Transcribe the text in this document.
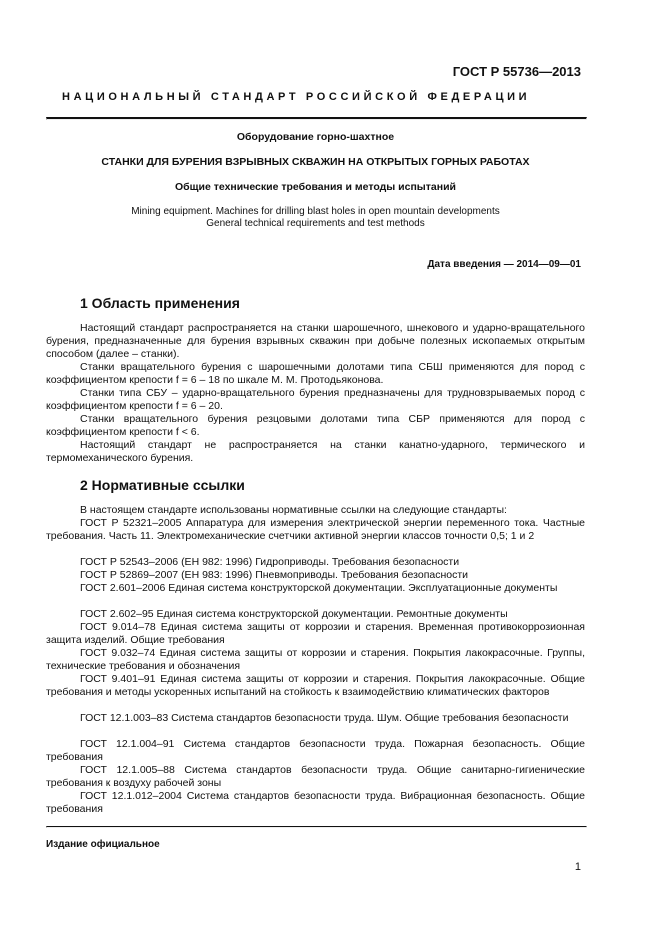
ГОСТ Р 55736—2013

НАЦИОНАЛЬНЫЙ СТАНДАРТ РОССИЙСКОЙ ФЕДЕРАЦИИ

Оборудование горно-шахтное

СТАНКИ ДЛЯ БУРЕНИЯ ВЗРЫВНЫХ СКВАЖИН НА ОТКРЫТЫХ ГОРНЫХ РАБОТАХ

Общие технические требования и методы испытаний

Mining equipment. Machines for drilling blast holes in open mountain developments

General technical requirements and test methods

Дата введения — 2014—09—01

1 Область применения

Настоящий стандарт распространяется на станки шарошечного, шнекового и ударно-вращательного бурения, предназначенные для бурения взрывных скважин при добыче полезных ископаемых открытым способом (далее – станки).

Станки вращательного бурения с шарошечными долотами типа СБШ применяются для пород с коэффициентом крепости f = 6 – 18 по шкале М. М. Протодьяконова.

Станки типа СБУ – ударно-вращательного бурения предназначены для трудновзрываемых пород с коэффициентом крепости f = 6 – 20.

Станки вращательного бурения резцовыми долотами типа СБР применяются для пород с коэффициентом крепости f < 6.

Настоящий стандарт не распространяется на станки канатно-ударного, термического и термомеханического бурения.

2 Нормативные ссылки

В настоящем стандарте использованы нормативные ссылки на следующие стандарты:

ГОСТ Р 52321–2005 Аппаратура для измерения электрической энергии переменного тока. Частные требования. Часть 11. Электромеханические счетчики активной энергии классов точности 0,5; 1 и 2

ГОСТ Р 52543–2006 (ЕН 982: 1996) Гидроприводы. Требования безопасности

ГОСТ Р 52869–2007 (ЕН 983: 1996) Пневмоприводы. Требования безопасности

ГОСТ 2.601–2006 Единая система конструкторской документации. Эксплуатационные документы

ГОСТ 2.602–95 Единая система конструкторской документации. Ремонтные документы

ГОСТ 9.014–78 Единая система защиты от коррозии и старения. Временная противокоррозионная защита изделий. Общие требования

ГОСТ 9.032–74 Единая система защиты от коррозии и старения. Покрытия лакокрасочные. Группы, технические требования и обозначения

ГОСТ 9.401–91 Единая система защиты от коррозии и старения. Покрытия лакокрасочные. Общие требования и методы ускоренных испытаний на стойкость к взаимодействию климатических факторов

ГОСТ 12.1.003–83 Система стандартов безопасности труда. Шум. Общие требования безопасности

ГОСТ 12.1.004–91 Система стандартов безопасности труда. Пожарная безопасность. Общие требования

ГОСТ 12.1.005–88 Система стандартов безопасности труда. Общие санитарно-гигиенические требования к воздуху рабочей зоны

ГОСТ 12.1.012–2004 Система стандартов безопасности труда. Вибрационная безопасность. Общие требования

Издание официальное

1
